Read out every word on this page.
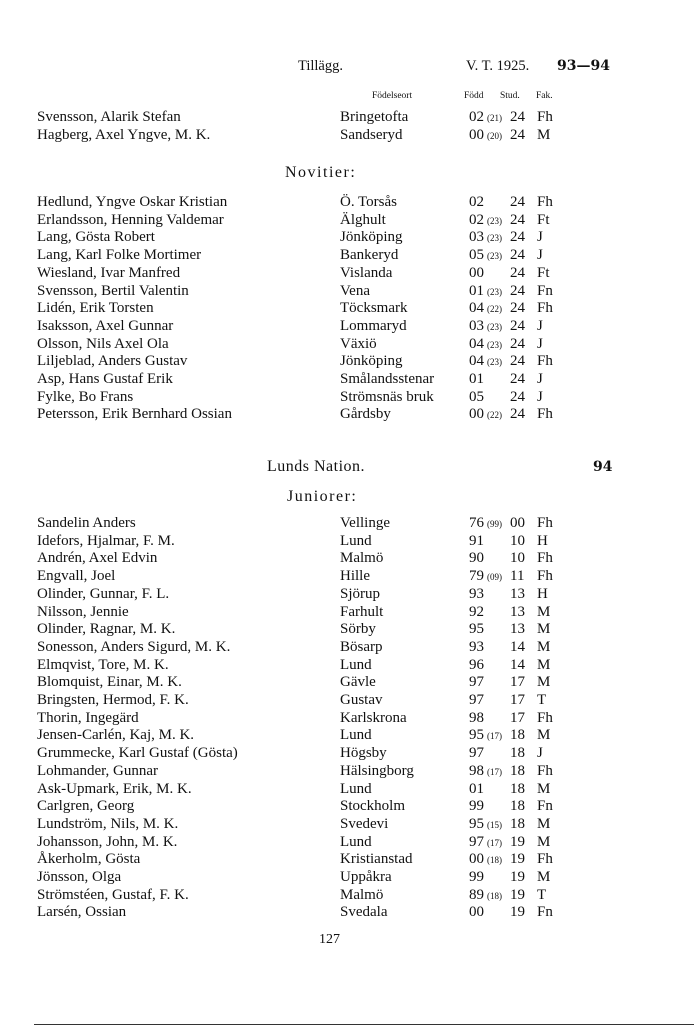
Tillägg.	V. T. 1925. 93—94
Födelseort	Född Stud. Fak.
Svensson, Alarik Stefan	Bringetofta	02 (21) 24 Fh
Hagberg, Axel Yngve, M. K.	Sandseryd	00 (20) 24 M
Novitier:
Hedlund, Yngve Oskar Kristian	Ö. Torsås	02 24 Fh
Erlandsson, Henning Valdemar	Älghult	02 (23) 24 Ft
Lang, Gösta Robert	Jönköping	03 (23) 24 J
Lang, Karl Folke Mortimer	Bankeryd	05 (23) 24 J
Wiesland, Ivar Manfred	Vislanda	00 24 Ft
Svensson, Bertil Valentin	Vena	01 (23) 24 Fn
Lidén, Erik Torsten	Töcksmark	04 (22) 24 Fh
Isaksson, Axel Gunnar	Lommaryd	03 (23) 24 J
Olsson, Nils Axel Ola	Växiö	04 (23) 24 J
Liljeblad, Anders Gustav	Jönköping	04 (23) 24 Fh
Asp, Hans Gustaf Erik	Smålandsstenar 01 24 J
Fylke, Bo Frans	Strömsnäs bruk 05 24 J
Petersson, Erik Bernhard Ossian	Gårdsby	00 (22) 24 Fh
Lunds Nation.	94
Juniorer:
Sandelin Anders	Vellinge	76 (99) 00 Fh
Idefors, Hjalmar, F. M.	Lund	91 10 H
Andrén, Axel Edvin	Malmö	90 10 Fh
Engvall, Joel	Hille	79 (09) 11 Fh
Olinder, Gunnar, F. L.	Sjörup	93 13 H
Nilsson, Jennie	Farhult	92 13 M
Olinder, Ragnar, M. K.	Sörby	95 13 M
Sonesson, Anders Sigurd, M. K.	Bösarp	93 14 M
Elmqvist, Tore, M. K.	Lund	96 14 M
Blomquist, Einar, M. K.	Gävle	97 17 M
Bringsten, Hermod, F. K.	Gustav	97 17 T
Thorin, Ingegärd	Karlskrona	98 17 Fh
Jensen-Carlén, Kaj, M. K.	Lund	95 (17) 18 M
Grummecke, Karl Gustaf (Gösta)	Högsby	97 18 J
Lohmander, Gunnar	Hälsingborg	98 (17) 18 Fh
Ask-Upmark, Erik, M. K.	Lund	01 18 M
Carlgren, Georg	Stockholm	99 18 Fn
Lundström, Nils, M. K.	Svedevi	95 (15) 18 M
Johansson, John, M. K.	Lund	97 (17) 19 M
Åkerholm, Gösta	Kristianstad	00 (18) 19 Fh
Jönsson, Olga	Uppåkra	99 19 M
Strömstéen, Gustaf, F. K.	Malmö	89 (18) 19 T
Larsén, Ossian	Svedala	00 19 Fn
127
